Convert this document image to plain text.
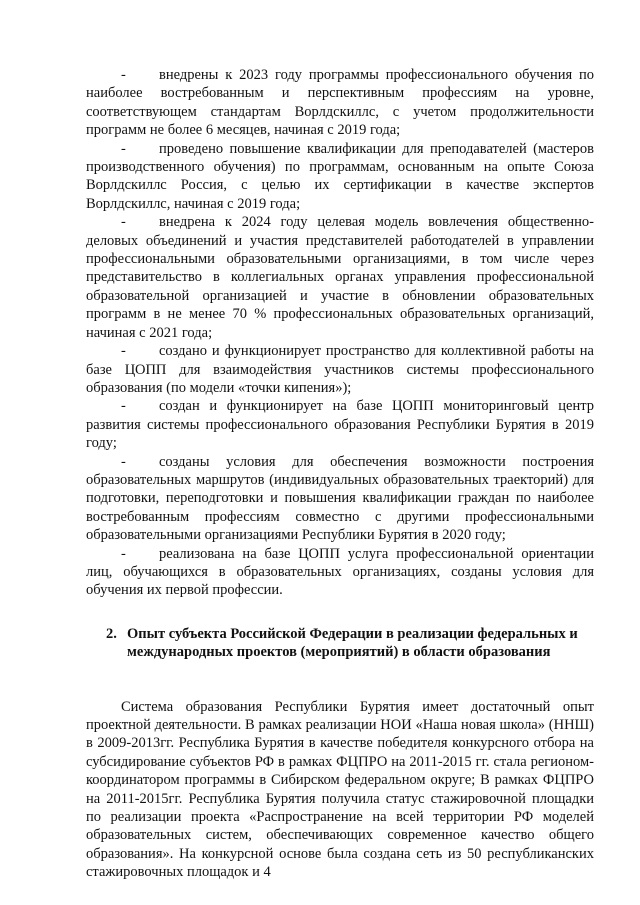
- внедрены к 2023 году программы профессионального обучения по наиболее востребованным и перспективным профессиям на уровне, соответствующем стандартам Ворлдскиллс, с учетом продолжительности программ не более 6 месяцев, начиная с 2019 года;

- проведено повышение квалификации для преподавателей (мастеров производственного обучения) по программам, основанным на опыте Союза Ворлдскиллс Россия, с целью их сертификации в качестве экспертов Ворлдскиллс, начиная с 2019 года;

- внедрена к 2024 году целевая модель вовлечения общественно-деловых объединений и участия представителей работодателей в управлении профессиональными образовательными организациями, в том числе через представительство в коллегиальных органах управления профессиональной образовательной организацией и участие в обновлении образовательных программ в не менее 70 % профессиональных образовательных организаций, начиная с 2021 года;

- создано и функционирует пространство для коллективной работы на базе ЦОПП для взаимодействия участников системы профессионального образования (по модели «точки кипения»);

- создан и функционирует на базе ЦОПП мониторинговый центр развития системы профессионального образования Республики Бурятия в 2019 году;

- созданы условия для обеспечения возможности построения образовательных маршрутов (индивидуальных образовательных траекторий) для подготовки, переподготовки и повышения квалификации граждан по наиболее востребованным профессиям совместно с другими профессиональными образовательными организациями Республики Бурятия в 2020 году;

- реализована на базе ЦОПП услуга профессиональной ориентации лиц, обучающихся в образовательных организациях, созданы условия для обучения их первой профессии.

2. Опыт субъекта Российской Федерации в реализации федеральных и международных проектов (мероприятий) в области образования

Система образования Республики Бурятия имеет достаточный опыт проектной деятельности. В рамках реализации НОИ «Наша новая школа» (ННШ) в 2009-2013гг. Республика Бурятия в качестве победителя конкурсного отбора на субсидирование субъектов РФ в рамках ФЦПРО на 2011-2015 гг. стала регионом-координатором программы в Сибирском федеральном округе; В рамках ФЦПРО на 2011-2015гг. Республика Бурятия получила статус стажировочной площадки по реализации проекта «Распространение на всей территории РФ моделей образовательных систем, обеспечивающих современное качество общего образования». На конкурсной основе была создана сеть из 50 республиканских стажировочных площадок и 4
